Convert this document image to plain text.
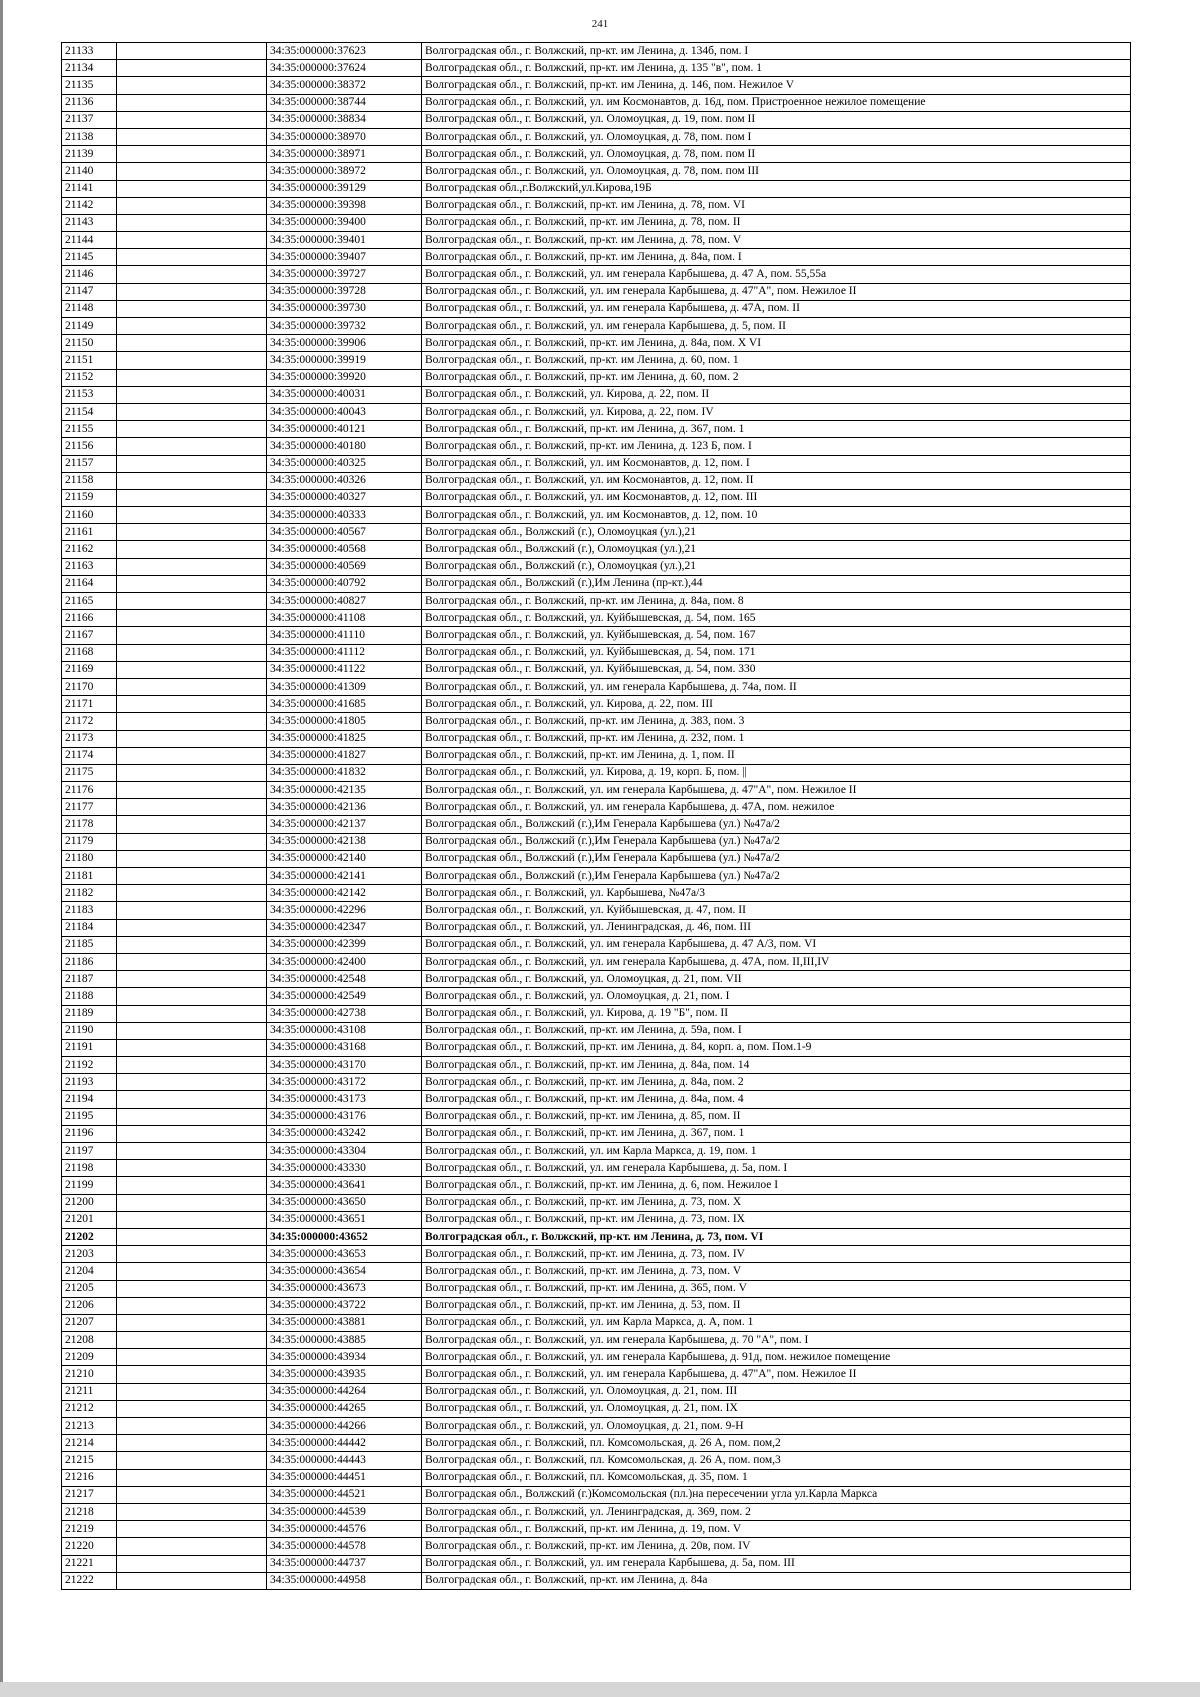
241
21133		34:35:000000:37623	Волгоградская обл., г. Волжский, пр-кт. им Ленина, д. 134б, пом. I
21134		34:35:000000:37624	Волгоградская обл., г. Волжский, пр-кт. им Ленина, д. 135 "в", пом. 1
21135		34:35:000000:38372	Волгоградская обл., г. Волжский, пр-кт. им Ленина, д. 146, пом. Нежилое V
21136		34:35:000000:38744	Волгоградская обл., г. Волжский, ул. им Космонавтов, д. 16д, пом. Пристроенное нежилое помещение
21137		34:35:000000:38834	Волгоградская обл., г. Волжский, ул. Оломоуцкая, д. 19, пом. пом II
21138		34:35:000000:38970	Волгоградская обл., г. Волжский, ул. Оломоуцкая, д. 78, пом. пом I
21139		34:35:000000:38971	Волгоградская обл., г. Волжский, ул. Оломоуцкая, д. 78, пом. пом II
21140		34:35:000000:38972	Волгоградская обл., г. Волжский, ул. Оломоуцкая, д. 78, пом. пом III
21141		34:35:000000:39129	Волгоградская обл.,г.Волжский,ул.Кирова,19Б
21142		34:35:000000:39398	Волгоградская обл., г. Волжский, пр-кт. им Ленина, д. 78, пом. VI
21143		34:35:000000:39400	Волгоградская обл., г. Волжский, пр-кт. им Ленина, д. 78, пом. II
21144		34:35:000000:39401	Волгоградская обл., г. Волжский, пр-кт. им Ленина, д. 78, пом. V
21145		34:35:000000:39407	Волгоградская обл., г. Волжский, пр-кт. им Ленина, д. 84а, пом. I
21146		34:35:000000:39727	Волгоградская обл., г. Волжский, ул. им генерала Карбышева, д. 47 А, пом. 55,55а
21147		34:35:000000:39728	Волгоградская обл., г. Волжский, ул. им генерала Карбышева, д. 47"А", пом. Нежилое II
21148		34:35:000000:39730	Волгоградская обл., г. Волжский, ул. им генерала Карбышева, д. 47А, пом. II
21149		34:35:000000:39732	Волгоградская обл., г. Волжский, ул. им генерала Карбышева, д. 5, пом. II
21150		34:35:000000:39906	Волгоградская обл., г. Волжский, пр-кт. им Ленина, д. 84а, пом. X VI
21151		34:35:000000:39919	Волгоградская обл., г. Волжский, пр-кт. им Ленина, д. 60, пом. 1
21152		34:35:000000:39920	Волгоградская обл., г. Волжский, пр-кт. им Ленина, д. 60, пом. 2
21153		34:35:000000:40031	Волгоградская обл., г. Волжский, ул. Кирова, д. 22, пом. II
21154		34:35:000000:40043	Волгоградская обл., г. Волжский, ул. Кирова, д. 22, пом. IV
21155		34:35:000000:40121	Волгоградская обл., г. Волжский, пр-кт. им Ленина, д. 367, пом. 1
21156		34:35:000000:40180	Волгоградская обл., г. Волжский, пр-кт. им Ленина, д. 123 Б, пом. I
21157		34:35:000000:40325	Волгоградская обл., г. Волжский, ул. им Космонавтов, д. 12, пом. I
21158		34:35:000000:40326	Волгоградская обл., г. Волжский, ул. им Космонавтов, д. 12, пом. II
21159		34:35:000000:40327	Волгоградская обл., г. Волжский, ул. им Космонавтов, д. 12, пом. III
21160		34:35:000000:40333	Волгоградская обл., г. Волжский, ул. им Космонавтов, д. 12, пом. 10
21161		34:35:000000:40567	Волгоградская обл., Волжский (г.), Оломоуцкая (ул.),21
21162		34:35:000000:40568	Волгоградская обл., Волжский (г.), Оломоуцкая (ул.),21
21163		34:35:000000:40569	Волгоградская обл., Волжский (г.), Оломоуцкая (ул.),21
21164		34:35:000000:40792	Волгоградская обл., Волжский (г.),Им Ленина (пр-кт.),44
21165		34:35:000000:40827	Волгоградская обл., г. Волжский, пр-кт. им Ленина, д. 84а, пом. 8
21166		34:35:000000:41108	Волгоградская обл., г. Волжский, ул. Куйбышевская, д. 54, пом. 165
21167		34:35:000000:41110	Волгоградская обл., г. Волжский, ул. Куйбышевская, д. 54, пом. 167
21168		34:35:000000:41112	Волгоградская обл., г. Волжский, ул. Куйбышевская, д. 54, пом. 171
21169		34:35:000000:41122	Волгоградская обл., г. Волжский, ул. Куйбышевская, д. 54, пом. 330
21170		34:35:000000:41309	Волгоградская обл., г. Волжский, ул. им генерала Карбышева, д. 74а, пом. II
21171		34:35:000000:41685	Волгоградская обл., г. Волжский, ул. Кирова, д. 22, пом. III
21172		34:35:000000:41805	Волгоградская обл., г. Волжский, пр-кт. им Ленина, д. 383, пом. 3
21173		34:35:000000:41825	Волгоградская обл., г. Волжский, пр-кт. им Ленина, д. 232, пом. 1
21174		34:35:000000:41827	Волгоградская обл., г. Волжский, пр-кт. им Ленина, д. 1, пом. II
21175		34:35:000000:41832	Волгоградская обл., г. Волжский, ул. Кирова, д. 19, корп. Б, пом. ||
21176		34:35:000000:42135	Волгоградская обл., г. Волжский, ул. им генерала Карбышева, д. 47"А", пом. Нежилое II
21177		34:35:000000:42136	Волгоградская обл., г. Волжский, ул. им генерала Карбышева, д. 47А, пом. нежилое
21178		34:35:000000:42137	Волгоградская обл., Волжский (г.),Им Генерала Карбышева (ул.) №47а/2
21179		34:35:000000:42138	Волгоградская обл., Волжский (г.),Им Генерала Карбышева (ул.) №47а/2
21180		34:35:000000:42140	Волгоградская обл., Волжский (г.),Им Генерала Карбышева (ул.) №47а/2
21181		34:35:000000:42141	Волгоградская обл., Волжский (г.),Им Генерала Карбышева (ул.) №47а/2
21182		34:35:000000:42142	Волгоградская обл., г. Волжский, ул. Карбышева, №47а/3
21183		34:35:000000:42296	Волгоградская обл., г. Волжский, ул. Куйбышевская, д. 47, пом. II
21184		34:35:000000:42347	Волгоградская обл., г. Волжский, ул. Ленинградская, д. 46, пом. III
21185		34:35:000000:42399	Волгоградская обл., г. Волжский, ул. им генерала Карбышева, д. 47 А/3, пом. VI
21186		34:35:000000:42400	Волгоградская обл., г. Волжский, ул. им генерала Карбышева, д. 47А, пом. II,III,IV
21187		34:35:000000:42548	Волгоградская обл., г. Волжский, ул. Оломоуцкая, д. 21, пом. VII
21188		34:35:000000:42549	Волгоградская обл., г. Волжский, ул. Оломоуцкая, д. 21, пом. I
21189		34:35:000000:42738	Волгоградская обл., г. Волжский, ул. Кирова, д. 19 "Б", пом. II
21190		34:35:000000:43108	Волгоградская обл., г. Волжский, пр-кт. им Ленина, д. 59а, пом. I
21191		34:35:000000:43168	Волгоградская обл., г. Волжский, пр-кт. им Ленина, д. 84, корп. а, пом. Пом.1-9
21192		34:35:000000:43170	Волгоградская обл., г. Волжский, пр-кт. им Ленина, д. 84а, пом. 14
21193		34:35:000000:43172	Волгоградская обл., г. Волжский, пр-кт. им Ленина, д. 84а, пом. 2
21194		34:35:000000:43173	Волгоградская обл., г. Волжский, пр-кт. им Ленина, д. 84а, пом. 4
21195		34:35:000000:43176	Волгоградская обл., г. Волжский, пр-кт. им Ленина, д. 85, пом. II
21196		34:35:000000:43242	Волгоградская обл., г. Волжский, пр-кт. им Ленина, д. 367, пом. 1
21197		34:35:000000:43304	Волгоградская обл., г. Волжский, ул. им Карла Маркса, д. 19, пом. 1
21198		34:35:000000:43330	Волгоградская обл., г. Волжский, ул. им генерала Карбышева, д. 5а, пом. I
21199		34:35:000000:43641	Волгоградская обл., г. Волжский, пр-кт. им Ленина, д. 6, пом. Нежилое I
21200		34:35:000000:43650	Волгоградская обл., г. Волжский, пр-кт. им Ленина, д. 73, пом. X
21201		34:35:000000:43651	Волгоградская обл., г. Волжский, пр-кт. им Ленина, д. 73, пом. IX
21202		34:35:000000:43652	Волгоградская обл., г. Волжский, пр-кт. им Ленина, д. 73, пом. VI
21203		34:35:000000:43653	Волгоградская обл., г. Волжский, пр-кт. им Ленина, д. 73, пом. IV
21204		34:35:000000:43654	Волгоградская обл., г. Волжский, пр-кт. им Ленина, д. 73, пом. V
21205		34:35:000000:43673	Волгоградская обл., г. Волжский, пр-кт. им Ленина, д. 365, пом. V
21206		34:35:000000:43722	Волгоградская обл., г. Волжский, пр-кт. им Ленина, д. 53, пом. II
21207		34:35:000000:43881	Волгоградская обл., г. Волжский, ул. им Карла Маркса, д. А, пом. 1
21208		34:35:000000:43885	Волгоградская обл., г. Волжский, ул. им генерала Карбышева, д. 70 "А", пом. I
21209		34:35:000000:43934	Волгоградская обл., г. Волжский, ул. им генерала Карбышева, д. 91д, пом. нежилое помещение
21210		34:35:000000:43935	Волгоградская обл., г. Волжский, ул. им генерала Карбышева, д. 47"А", пом. Нежилое II
21211		34:35:000000:44264	Волгоградская обл., г. Волжский, ул. Оломоуцкая, д. 21, пом. III
21212		34:35:000000:44265	Волгоградская обл., г. Волжский, ул. Оломоуцкая, д. 21, пом. IX
21213		34:35:000000:44266	Волгоградская обл., г. Волжский, ул. Оломоуцкая, д. 21, пом. 9-Н
21214		34:35:000000:44442	Волгоградская обл., г. Волжский, пл. Комсомольская, д. 26 А, пом. пом,2
21215		34:35:000000:44443	Волгоградская обл., г. Волжский, пл. Комсомольская, д. 26 А, пом. пом,3
21216		34:35:000000:44451	Волгоградская обл., г. Волжский, пл. Комсомольская, д. 35, пом. 1
21217		34:35:000000:44521	Волгоградская обл., Волжский (г.)Комсомольская (пл.)на пересечении угла ул.Карла Маркса
21218		34:35:000000:44539	Волгоградская обл., г. Волжский, ул. Ленинградская, д. 369, пом. 2
21219		34:35:000000:44576	Волгоградская обл., г. Волжский, пр-кт. им Ленина, д. 19, пом. V
21220		34:35:000000:44578	Волгоградская обл., г. Волжский, пр-кт. им Ленина, д. 20в, пом. IV
21221		34:35:000000:44737	Волгоградская обл., г. Волжский, ул. им генерала Карбышева, д. 5а, пом. III
21222		34:35:000000:44958	Волгоградская обл., г. Волжский, пр-кт. им Ленина, д. 84а
